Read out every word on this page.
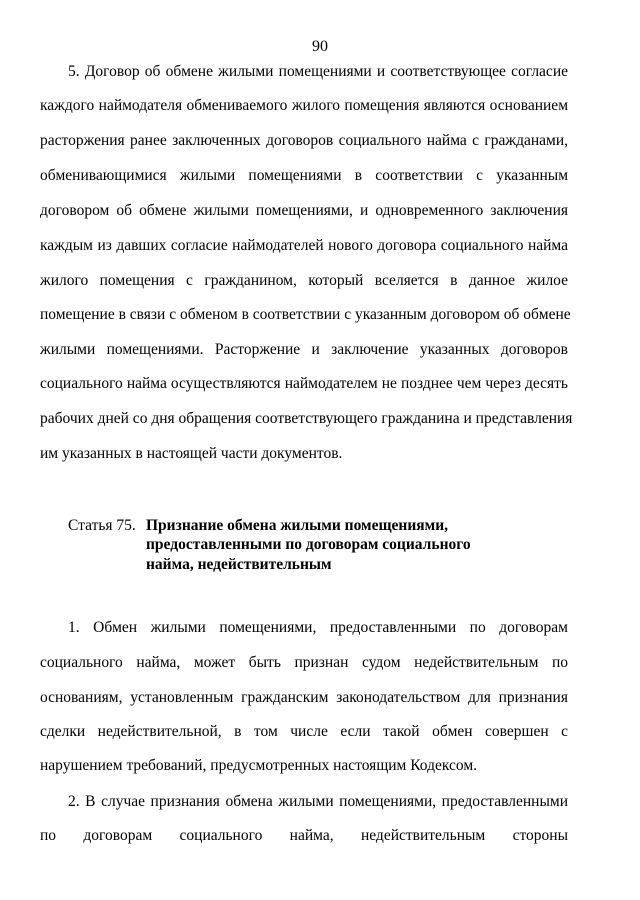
90
5. Договор об обмене жилыми помещениями и соответствующее согласие
каждого наймодателя обмениваемого жилого помещения являются основанием
расторжения ранее заключенных договоров социального найма с гражданами,
обменивающимися жилыми помещениями в соответствии с указанным
договором об обмене жилыми помещениями, и одновременного заключения
каждым из давших согласие наймодателей нового договора социального найма
жилого помещения с гражданином, который вселяется в данное жилое
помещение в связи с обменом в соответствии с указанным договором об обмене
жилыми помещениями. Расторжение и заключение указанных договоров
социального найма осуществляются наймодателем не позднее чем через десять
рабочих дней со дня обращения соответствующего гражданина и представления
им указанных в настоящей части документов.
Статья 75. Признание обмена жилыми помещениями,
предоставленными по договорам социального
найма, недействительным
1. Обмен жилыми помещениями, предоставленными по договорам
социального найма, может быть признан судом недействительным по
основаниям, установленным гражданским законодательством для признания
сделки недействительной, в том числе если такой обмен совершен с
нарушением требований, предусмотренных настоящим Кодексом.
2. В случае признания обмена жилыми помещениями, предоставленными
по договорам социального найма, недействительным стороны
